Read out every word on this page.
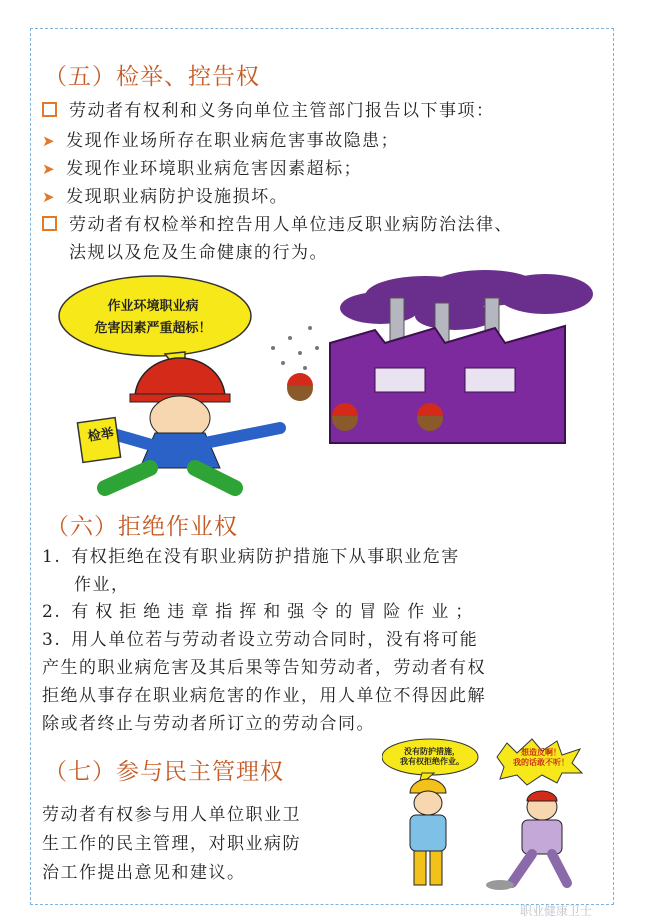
（五）检举、控告权
劳动者有权利和义务向单位主管部门报告以下事项：
➤ 发现作业场所存在职业病危害事故隐患；
➤ 发现作业环境职业病危害因素超标；
➤ 发现职业病防护设施损坏。
劳动者有权检举和控告用人单位违反职业病防治法律、
法规以及危及生命健康的行为。
作业环境职业病
危害因素严重超标！
检举
（六）拒绝作业权
1. 有权拒绝在没有职业病防护措施下从事职业危害
作业，
2. 有权拒绝违章指挥和强令的冒险作业；
3. 用人单位若与劳动者设立劳动合同时，没有将可能
产生的职业病危害及其后果等告知劳动者，劳动者有权
拒绝从事存在职业病危害的作业，用人单位不得因此解
除或者终止与劳动者所订立的劳动合同。
（七）参与民主管理权
劳动者有权参与用人单位职业卫
生工作的民主管理，对职业病防
治工作提出意见和建议。
没有防护措施，
我有权拒绝作业。
想造反啊！
我的话敢不听！
职业健康卫士
